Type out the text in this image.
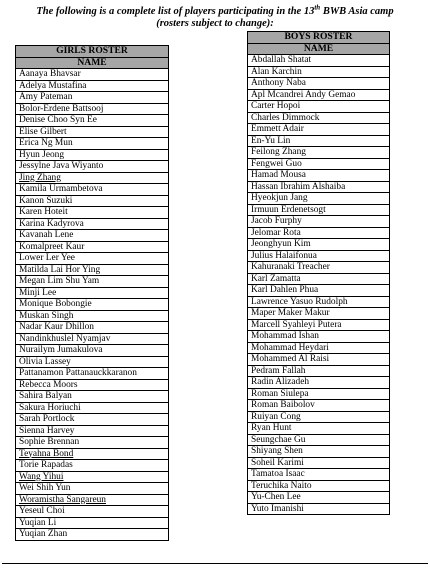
The following is a complete list of players participating in the 13th BWB Asia camp
(rosters subject to change):
GIRLS ROSTER
NAME
Aanaya Bhavsar
Adelya Mustafina
Amy Pateman
Bolor-Erdene Battsooj
Denise Choo Syn Ee
Elise Gilbert
Erica Ng Mun
Hyun Jeong
Jessylne Java Wiyanto
Jing Zhang
Kamila Urmambetova
Kanon Suzuki
Karen Hoteit
Karina Kadyrova
Kavanah Lene
Komalpreet Kaur
Lower Ler Yee
Matilda Lai Hor Ying
Megan Lim Shu Yam
Minji Lee
Monique Bobongie
Muskan Singh
Nadar Kaur Dhillon
Nandinkhuslel Nyamjav
Nurailym Jumakulova
Olivia Lassey
Pattanamon Pattanauckkaranon
Rebecca Moors
Sahira Balyan
Sakura Horiuchi
Sarah Portlock
Sienna Harvey
Sophie Brennan
Teyahna Bond
Torie Rapadas
Wang Yihui
Wei Shih Yun
Woramistha Sangareun
Yeseul Choi
Yuqian Li
Yuqian Zhan
BOYS ROSTER
NAME
Abdallah Shatat
Alan Karchin
Anthony Naba
Apl Mcandrei Andy Gemao
Carter Hopoi
Charles Dimmock
Emmett Adair
En-Yu Lin
Feilong Zhang
Fengwei Guo
Hamad Mousa
Hassan Ibrahim Alshaiba
Hyeokjun Jang
Irmuun Erdenetsogt
Jacob Furphy
Jelomar Rota
Jeonghyun Kim
Julius Halaifonua
Kahuranaki Treacher
Karl Zamatta
Karl Dahlen Phua
Lawrence Yasuo Rudolph
Maper Maker Makur
Marcell Syahleyi Putera
Mohammad Ishan
Mohammad Heydari
Mohammed Al Raisi
Pedram Fallah
Radin Alizadeh
Roman Siulepa
Roman Baibolov
Ruiyan Cong
Ryan Hunt
Seungchae Gu
Shiyang Shen
Soheil Karimi
Tamatoa Isaac
Teruchika Naito
Yu-Chen Lee
Yuto Imanishi
